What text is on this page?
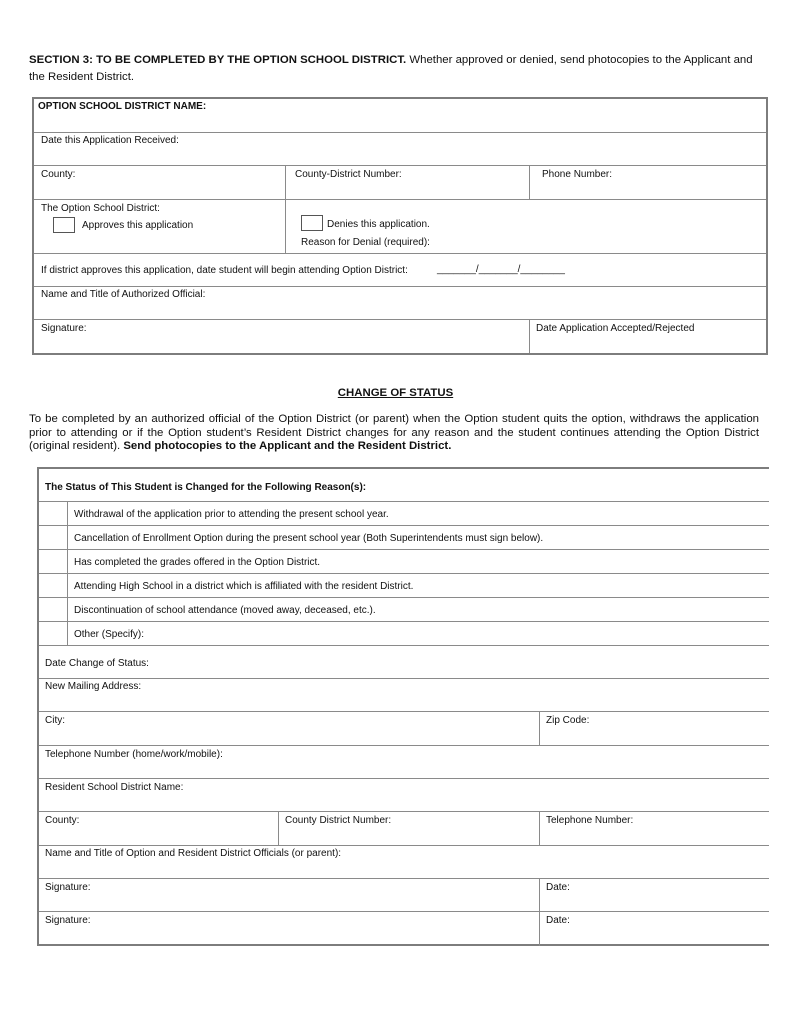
SECTION 3: TO BE COMPLETED BY THE OPTION SCHOOL DISTRICT. Whether approved or denied, send photocopies to the Applicant and the Resident District.
OPTION SCHOOL DISTRICT NAME:
Date this Application Received:
County:	County-District Number:	Phone Number:
The Option School District:
Approves this application	Denies this application.
Reason for Denial (required):
If district approves this application, date student will begin attending Option District:	_______/_______/________
Name and Title of Authorized Official:
Signature:	Date Application Accepted/Rejected
CHANGE OF STATUS
To be completed by an authorized official of the Option District (or parent) when the Option student quits the option, withdraws the application prior to attending or if the Option student’s Resident District changes for any reason and the student continues attending the Option District (original resident). Send photocopies to the Applicant and the Resident District.
The Status of This Student is Changed for the Following Reason(s):
Withdrawal of the application prior to attending the present school year.
Cancellation of Enrollment Option during the present school year (Both Superintendents must sign below).
Has completed the grades offered in the Option District.
Attending High School in a district which is affiliated with the resident District.
Discontinuation of school attendance (moved away, deceased, etc.).
Other (Specify):
Date Change of Status:
New Mailing Address:
City:	Zip Code:
Telephone Number (home/work/mobile):
Resident School District Name:
County:	County District Number:	Telephone Number:
Name and Title of Option and Resident District Officials (or parent):
Signature:	Date:
Signature:	Date:
